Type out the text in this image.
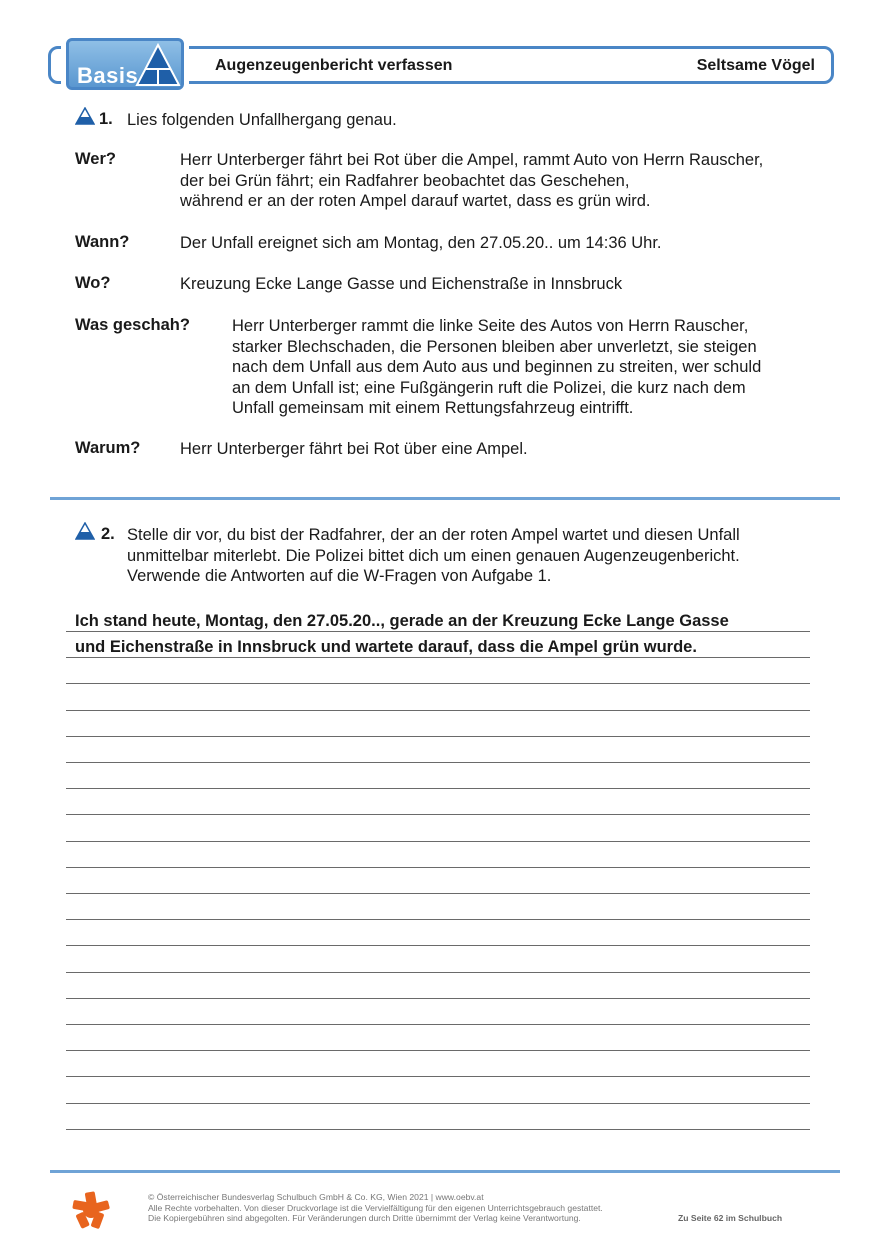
Basis	Augenzeugenbericht verfassen	Seltsame Vögel
1. Lies folgenden Unfallhergang genau.
Wer?	Herr Unterberger fährt bei Rot über die Ampel, rammt Auto von Herrn Rauscher,
der bei Grün fährt; ein Radfahrer beobachtet das Geschehen,
während er an der roten Ampel darauf wartet, dass es grün wird.
Wann?	Der Unfall ereignet sich am Montag, den 27.05.20.. um 14:36 Uhr.
Wo?	Kreuzung Ecke Lange Gasse und Eichenstraße in Innsbruck
Was geschah?	Herr Unterberger rammt die linke Seite des Autos von Herrn Rauscher,
starker Blechschaden, die Personen bleiben aber unverletzt, sie steigen
nach dem Unfall aus dem Auto aus und beginnen zu streiten, wer schuld
an dem Unfall ist; eine Fußgängerin ruft die Polizei, die kurz nach dem
Unfall gemeinsam mit einem Rettungsfahrzeug eintrifft.
Warum? Herr Unterberger fährt bei Rot über eine Ampel.
2. Stelle dir vor, du bist der Radfahrer, der an der roten Ampel wartet und diesen Unfall
unmittelbar miterlebt. Die Polizei bittet dich um einen genauen Augenzeugenbericht.
Verwende die Antworten auf die W-Fragen von Aufgabe 1.
Ich stand heute, Montag, den 27.05.20.., gerade an der Kreuzung Ecke Lange Gasse
und Eichenstraße in Innsbruck und wartete darauf, dass die Ampel grün wurde.
© Österreichischer Bundesverlag Schulbuch GmbH & Co. KG, Wien 2021 | www.oebv.at
Alle Rechte vorbehalten. Von dieser Druckvorlage ist die Vervielfältigung für den eigenen Unterrichtsgebrauch gestattet.
Die Kopiergebühren sind abgegolten. Für Veränderungen durch Dritte übernimmt der Verlag keine Verantwortung.	Zu Seite 62 im Schulbuch
